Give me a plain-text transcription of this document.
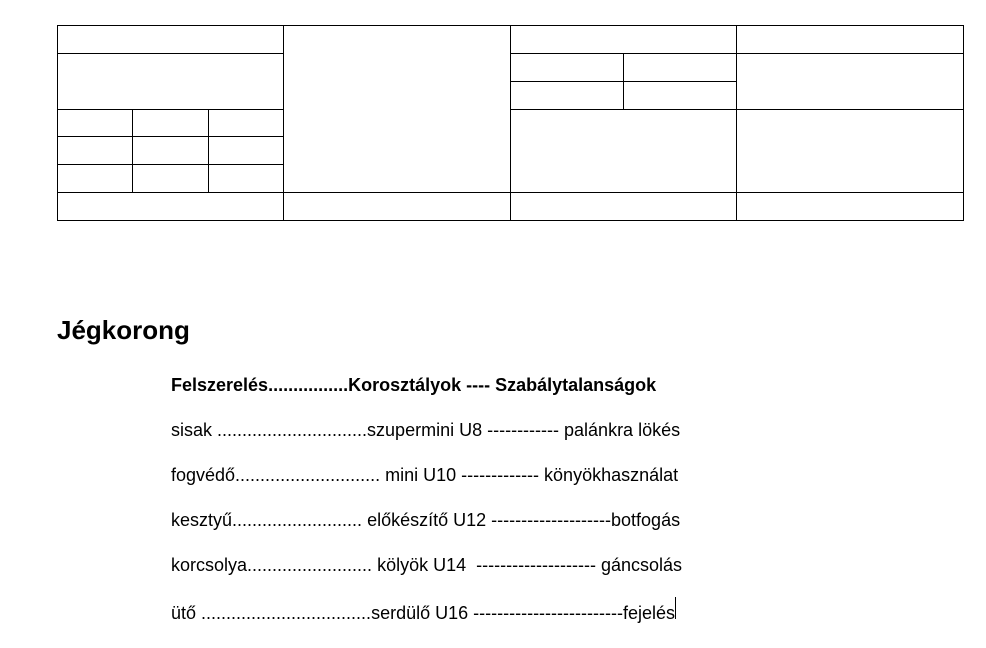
Jégkorong
Felszerelés................ Korosztályok ---- Szabálytalanságok
sisak .............................. szupermini U8 ------------ palánkra lökés
fogvédő............................. mini U10 ------------- könyökhasználat
kesztyű.......................... előkészítő U12 --------------------botfogás
korcsolya......................... kölyök U14 -------------------- gáncsolás
ütő .................................. serdülő U16 -------------------------fejelés
